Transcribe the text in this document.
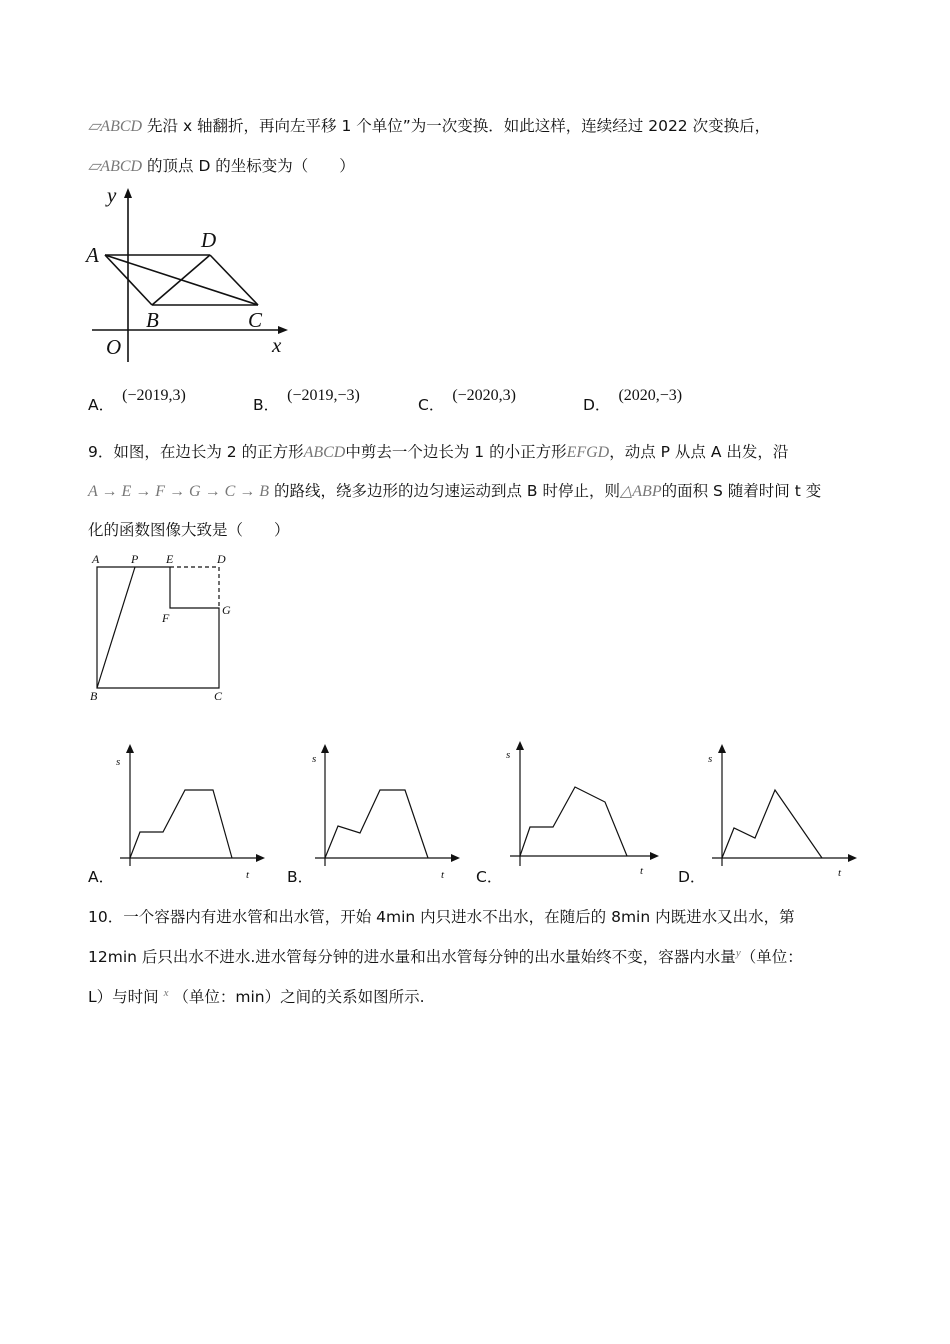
▱ABCD 先沿 x 轴翻折，再向左平移 1 个单位”为一次变换．如此这样，连续经过 2022 次变换后，
▱ABCD 的顶点 D 的坐标变为（　　）
y
A
D
B	C
O	x
A	P E	D
F
G
B	C
s
t
s
t
s
t
s
t
A．(−2019,3)
B．(−2019,−3)
C．(−2020,3)
D．(2020,−3)
9．如图，在边长为 2 的正方形ABCD中剪去一个边长为 1 的小正方形EFGD，动点 P 从点 A 出发，沿
A → E → F → G → C → B 的路线，绕多边形的边匀速运动到点 B 时停止，则△ABP的面积 S 随着时间 t 变
化的函数图像大致是（　　）
A．	B．	C．	D．
10．一个容器内有进水管和出水管，开始 4min 内只进水不出水，在随后的 8min 内既进水又出水，第
12min 后只出水不进水.进水管每分钟的进水量和出水管每分钟的出水量始终不变，容器内水量$^y$（单位：
L）与时间 $^x$ （单位：min）之间的关系如图所示.
